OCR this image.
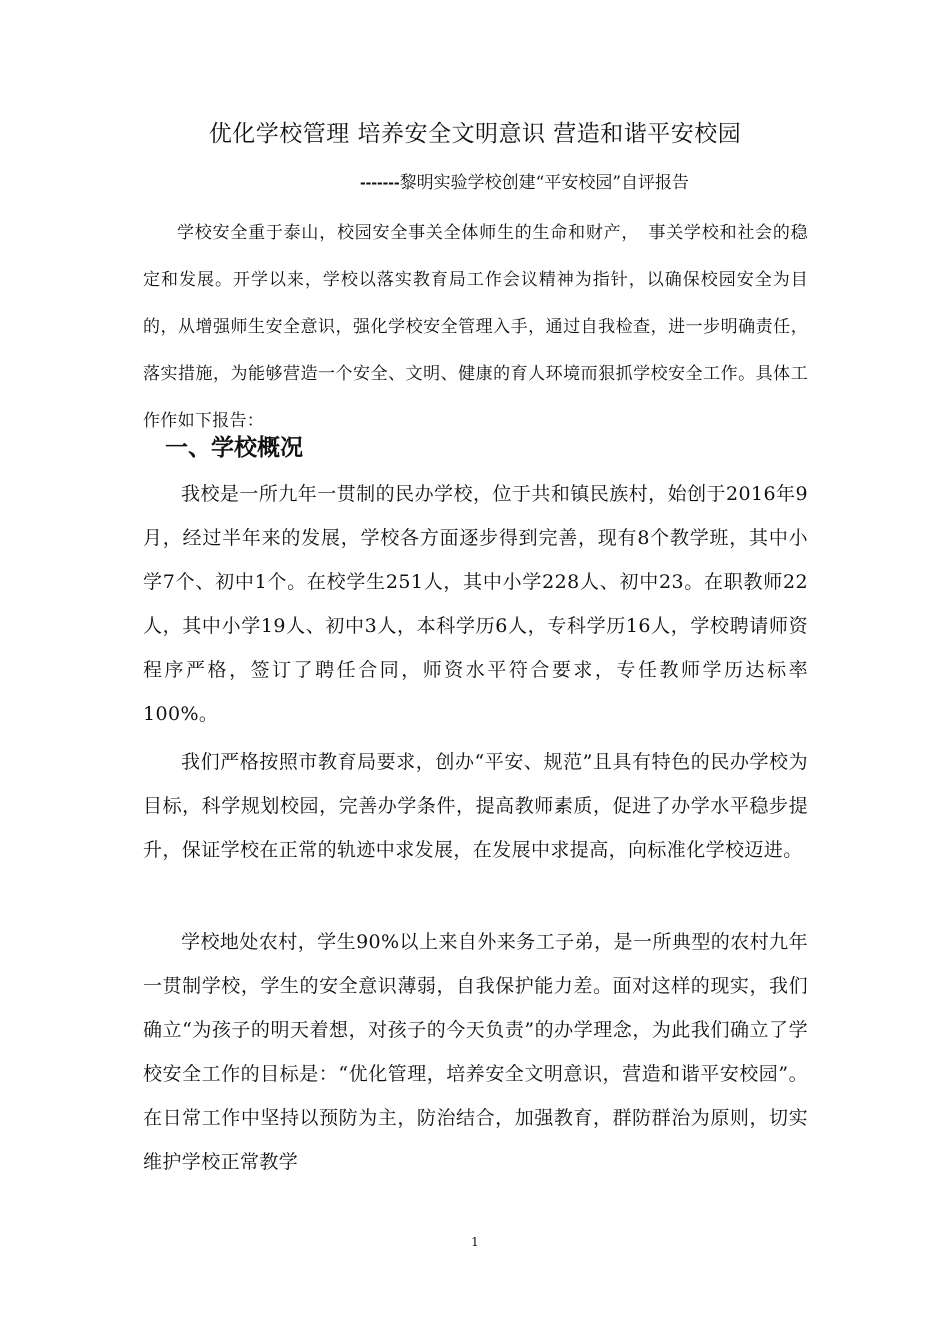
优化学校管理 培养安全文明意识 营造和谐平安校园

-------黎明实验学校创建“平安校园”自评报告

学校安全重于泰山，校园安全事关全体师生的生命和财产，　事关学校和社会的稳定和发展。开学以来，学校以落实教育局工作会议精神为指针，以确保校园安全为目的，从增强师生安全意识，强化学校安全管理入手，通过自我检查，进一步明确责任，落实措施，为能够营造一个安全、文明、健康的育人环境而狠抓学校安全工作。具体工作作如下报告：

一、学校概况

我校是一所九年一贯制的民办学校，位于共和镇民族村，始创于2016年9月，经过半年来的发展，学校各方面逐步得到完善，现有8个教学班，其中小学7个、初中1个。在校学生251人，其中小学228人、初中23。在职教师22人，其中小学19人、初中3人，本科学历6人，专科学历16人，学校聘请师资程序严格，签订了聘任合同，师资水平符合要求，专任教师学历达标率100%。

我们严格按照市教育局要求，创办“平安、规范”且具有特色的民办学校为目标，科学规划校园，完善办学条件，提高教师素质，促进了办学水平稳步提升，保证学校在正常的轨迹中求发展，在发展中求提高，向标准化学校迈进。

学校地处农村，学生90%以上来自外来务工子弟，是一所典型的农村九年一贯制学校，学生的安全意识薄弱，自我保护能力差。面对这样的现实，我们确立“为孩子的明天着想，对孩子的今天负责”的办学理念，为此我们确立了学校安全工作的目标是：“优化管理，培养安全文明意识，营造和谐平安校园”。在日常工作中坚持以预防为主，防治结合，加强教育，群防群治为原则，切实维护学校正常教学

1
